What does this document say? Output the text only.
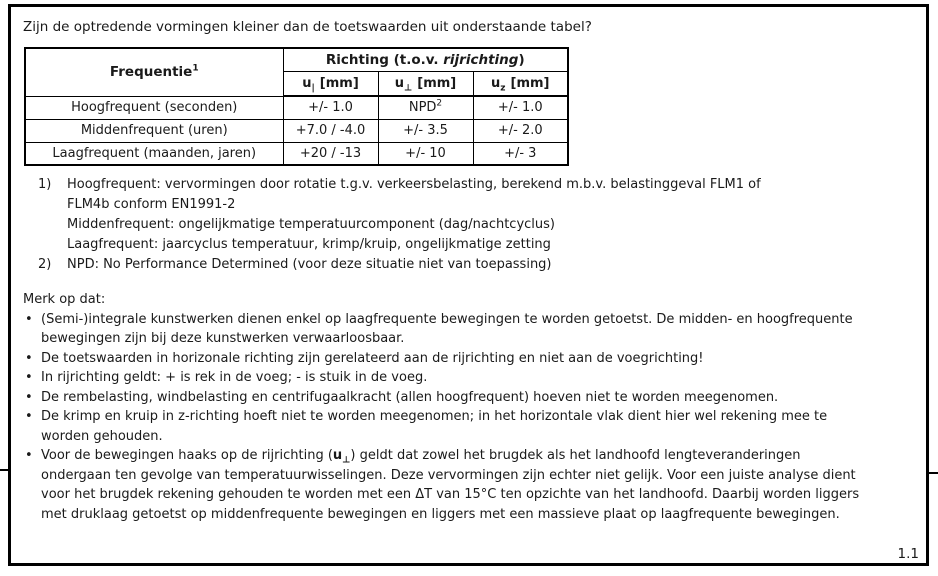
Zijn de optredende vormingen kleiner dan de toetswaarden uit onderstaande tabel?
Frequentie$^1$	Richting (t.o.v. rijrichting)		
	$u_|$ [mm]	$u_\perp$ [mm]	$u_z$ [mm]
Hoogfrequent (seconden)	+/- 1.0	$NPD^2$	+/- 1.0
Middenfrequent (uren)	+7.0 / -4.0	+/- 3.5	+/- 2.0
Laagfrequent (maanden, jaren)	+20 / -13	+/- 10	+/- 3
1)	Hoogfrequent: vervormingen door rotatie t.g.v. verkeersbelasting, berekend m.b.v. belastinggeval FLM1 of
FLM4b conform EN1991-2
Middenfrequent: ongelijkmatige temperatuurcomponent (dag/nachtcyclus)
Laagfrequent: jaarcyclus temperatuur, krimp/kruip, ongelijkmatige zetting
2)	NPD: No Performance Determined (voor deze situatie niet van toepassing)
Merk op dat:
• (Semi-)integrale kunstwerken dienen enkel op laagfrequente bewegingen te worden getoetst. De midden- en hoogfrequente bewegingen zijn bij deze kunstwerken verwaarloosbaar.
• De toetswaarden in horizonale richting zijn gerelateerd aan de rijrichting en niet aan de voegrichting!
• In rijrichting geldt: + is rek in de voeg; - is stuik in de voeg.
• De rembelasting, windbelasting en centrifugaalkracht (allen hoogfrequent) hoeven niet te worden meegenomen.
• De krimp en kruip in z-richting hoeft niet te worden meegenomen; in het horizontale vlak dient hier wel rekening mee te worden gehouden.
• Voor de bewegingen haaks op de rijrichting $(u_\perp)$ geldt dat zowel het brugdek als het landhoofd lengteveranderingen ondergaan ten gevolge van temperatuurwisselingen. Deze vervormingen zijn echter niet gelijk. Voor een juiste analyse dient voor het brugdek rekening gehouden te worden met een ΔT van 15°C ten opzichte van het landhoofd. Daarbij worden liggers met druklaag getoetst op middenfrequente bewegingen en liggers met een massieve plaat op laagfrequente bewegingen.
1.1
